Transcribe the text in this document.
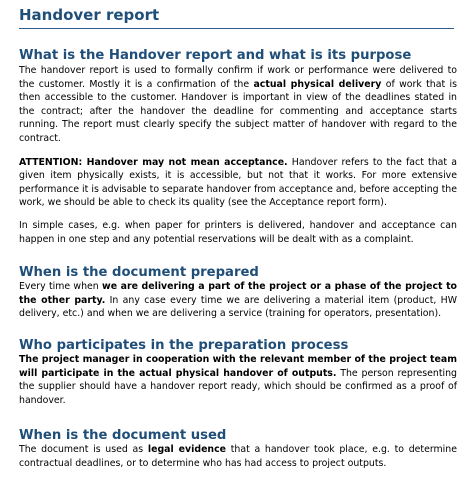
Handover report
What is the Handover report and what is its purpose

The handover report is used to formally confirm if work or performance were delivered to the customer. Mostly it is a confirmation of the actual physical delivery of work that is then accessible to the customer. Handover is important in view of the deadlines stated in the contract; after the handover the deadline for commenting and acceptance starts running. The report must clearly specify the subject matter of handover with regard to the contract.

ATTENTION: Handover may not mean acceptance. Handover refers to the fact that a given item physically exists, it is accessible, but not that it works. For more extensive performance it is advisable to separate handover from acceptance and, before accepting the work, we should be able to check its quality (see the Acceptance report form).

In simple cases, e.g. when paper for printers is delivered, handover and acceptance can happen in one step and any potential reservations will be dealt with as a complaint.

When is the document prepared

Every time when we are delivering a part of the project or a phase of the project to the other party. In any case every time we are delivering a material item (product, HW delivery, etc.) and when we are delivering a service (training for operators, presentation).

Who participates in the preparation process

The project manager in cooperation with the relevant member of the project team will participate in the actual physical handover of outputs. The person representing the supplier should have a handover report ready, which should be confirmed as a proof of handover.

When is the document used

The document is used as legal evidence that a handover took place, e.g. to determine contractual deadlines, or to determine who has had access to project outputs.
